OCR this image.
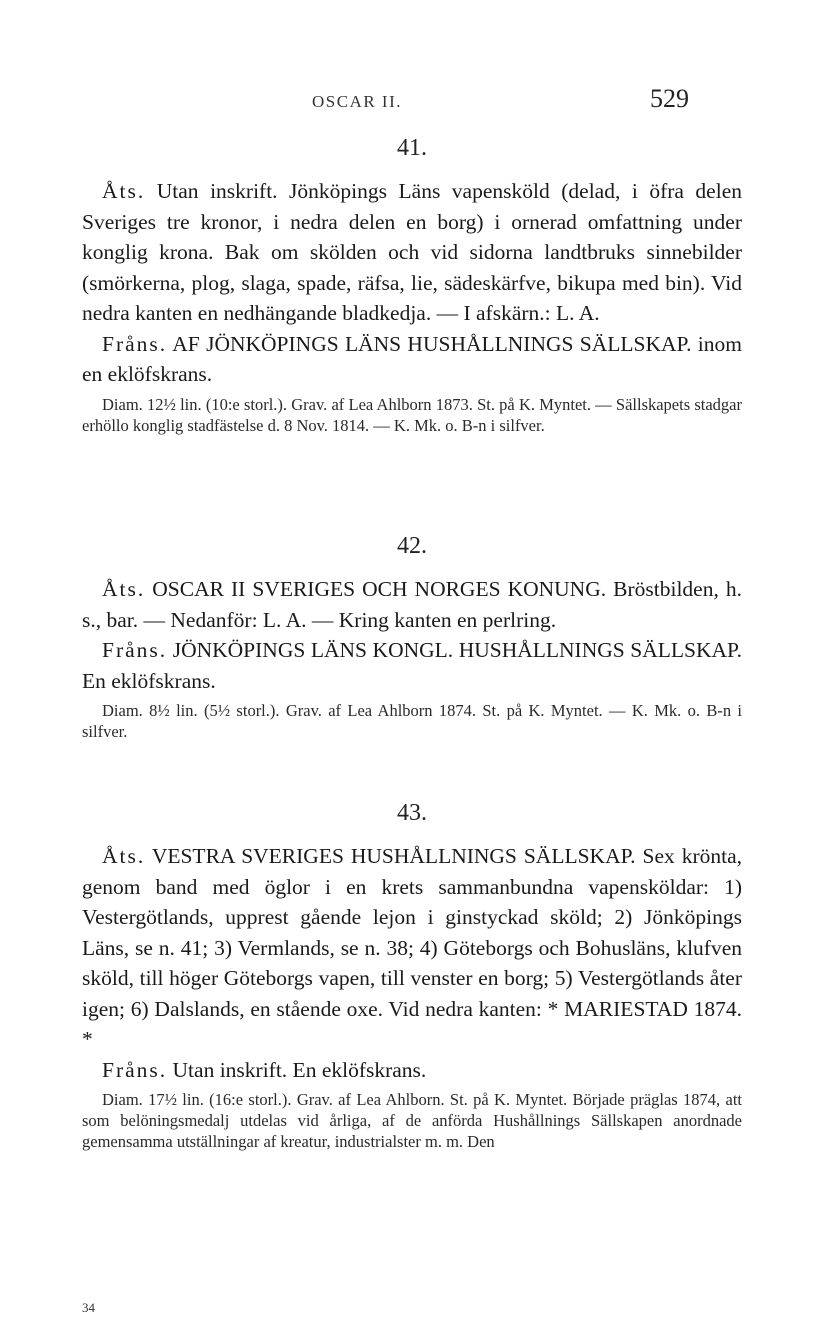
OSCAR II.	529
41.

Åts. Utan inskrift. Jönköpings Läns vapensköld (delad, i öfra delen Sveriges tre kronor, i nedra delen en borg) i ornerad omfattning under konglig krona. Bak om skölden och vid sidorna landtbruks sinnebilder (smörkerna, plog, slaga, spade, räfsa, lie, sädeskärfve, bikupa med bin). Vid nedra kanten en nedhängande bladkedja. — I afskärn.: L. A.

Fråns. AF JÖNKÖPINGS LÄNS HUSHÅLLNINGS SÄLLSKAP. inom en eklöfskrans.

Diam. 12½ lin. (10:e storl.). Grav. af Lea Ahlborn 1873. St. på K. Myntet. — Sällskapets stadgar erhöllo konglig stadfästelse d. 8 Nov. 1814. — K. Mk. o. B-n i silfver.

42.

Åts. OSCAR II SVERIGES OCH NORGES KONUNG. Bröstbilden, h. s., bar. — Nedanför: L. A. — Kring kanten en perlring.

Fråns. JÖNKÖPINGS LÄNS KONGL. HUSHÅLLNINGS SÄLLSKAP. En eklöfskrans.

Diam. 8½ lin. (5½ storl.). Grav. af Lea Ahlborn 1874. St. på K. Myntet. — K. Mk. o. B-n i silfver.

43.

Åts. VESTRA SVERIGES HUSHÅLLNINGS SÄLLSKAP. Sex krönta, genom band med öglor i en krets sammanbundna vapensköldar: 1) Vestergötlands, upprest gående lejon i ginstyckad sköld; 2) Jönköpings Läns, se n. 41; 3) Vermlands, se n. 38; 4) Göteborgs och Bohusläns, klufven sköld, till höger Göteborgs vapen, till venster en borg; 5) Vestergötlands åter igen; 6) Dalslands, en stående oxe. Vid nedra kanten: * MARIESTAD 1874. *

Fråns. Utan inskrift. En eklöfskrans.

Diam. 17½ lin. (16:e storl.). Grav. af Lea Ahlborn. St. på K. Myntet. Började präglas 1874, att som belöningsmedalj utdelas vid årliga, af de anförda Hushållnings Sällskapen anordnade gemensamma utställningar af kreatur, industrialster m. m. Den

34
